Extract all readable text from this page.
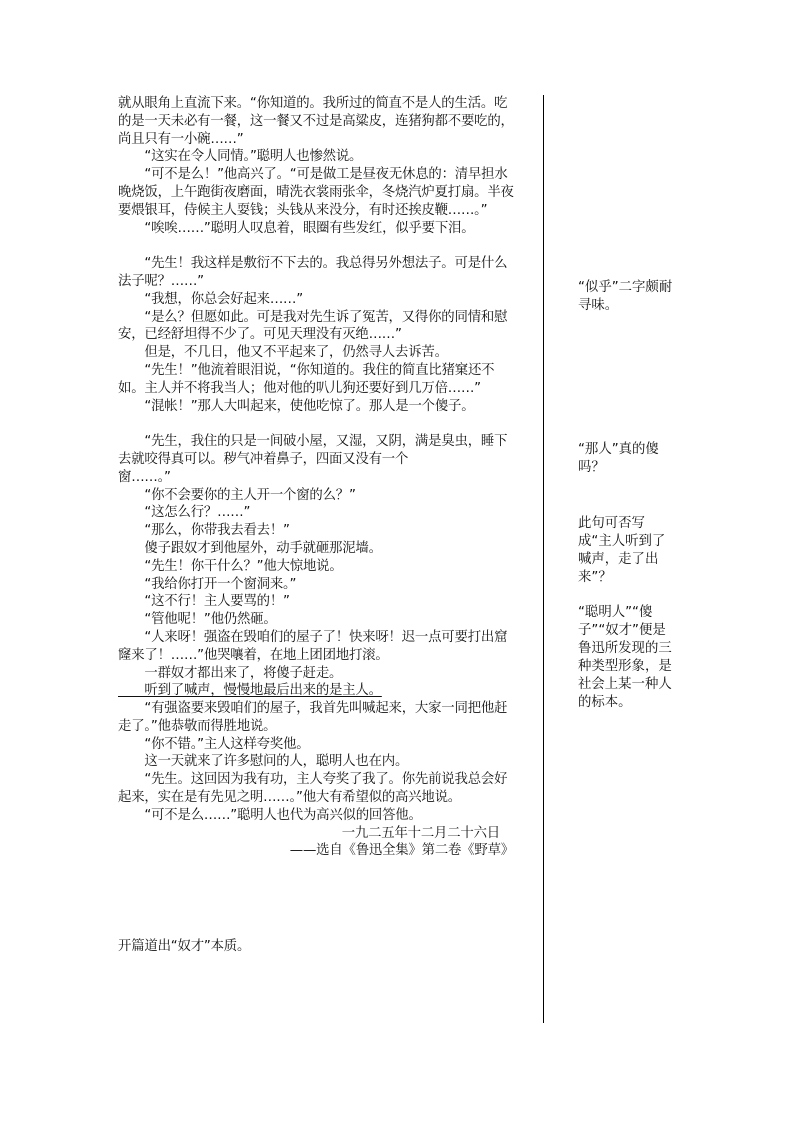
就从眼角上直流下来。“你知道的。我所过的简直不是人的生活。吃的是一天未必有一餐，这一餐又不过是高粱皮，连猪狗都不要吃的，尚且只有一小碗……”

　　“这实在令人同情。”聪明人也惨然说。

　　“可不是么！”他高兴了。“可是做工是昼夜无休息的：清早担水晚烧饭，上午跑街夜磨面，晴洗衣裳雨张伞，冬烧汽炉夏打扇。半夜要煨银耳，侍候主人耍钱；头钱从来没分，有时还挨皮鞭……。”

　　“唉唉……”聪明人叹息着，眼圈有些发红，似乎要下泪。

　　“先生！我这样是敷衍不下去的。我总得另外想法子。可是什么法子呢？……”

　　“我想，你总会好起来……”

　　“是么？但愿如此。可是我对先生诉了冤苦，又得你的同情和慰安，已经舒坦得不少了。可见天理没有灭绝……”

　　但是，不几日，他又不平起来了，仍然寻人去诉苦。

　　“先生！”他流着眼泪说，“你知道的。我住的简直比猪窠还不如。主人并不将我当人；他对他的叭儿狗还要好到几万倍……”

　　“混帐！”那人大叫起来，使他吃惊了。那人是一个傻子。

　　“先生，我住的只是一间破小屋，又湿，又阴，满是臭虫，睡下去就咬得真可以。秽气冲着鼻子，四面又没有一个

窗……。”

　　“你不会要你的主人开一个窗的么？”

　　“这怎么行？……”

　　“那么，你带我去看去！”

　　傻子跟奴才到他屋外，动手就砸那泥墙。

　　“先生！你干什么？”他大惊地说。

　　“我给你打开一个窗洞来。”

　　“这不行！主人要骂的！”

　　“管他呢！”他仍然砸。

　　“人来呀！强盗在毁咱们的屋子了！快来呀！迟一点可要打出窟窿来了！……”他哭嚷着，在地上团团地打滚。

　　一群奴才都出来了，将傻子赶走。

　　听到了喊声，慢慢地最后出来的是主人。

　　“有强盗要来毁咱们的屋子，我首先叫喊起来，大家一同把他赶走了。”他恭敬而得胜地说。

　　“你不错。”主人这样夸奖他。

　　这一天就来了许多慰问的人，聪明人也在内。

　　“先生。这回因为我有功，主人夸奖了我了。你先前说我总会好起来，实在是有先见之明……。”他大有希望似的高兴地说。

　　“可不是么……”聪明人也代为高兴似的回答他。

一九二五年十二月二十六日

——选自《鲁迅全集》第二卷《野草》

开篇道出“奴才”本质。

“似乎”二字颇耐寻味。

“那人”真的傻吗？

此句可否写成“主人听到了喊声，走了出来”？

“聪明人”“傻子”“奴才”便是鲁迅所发现的三种类型形象，是社会上某一种人的标本。
